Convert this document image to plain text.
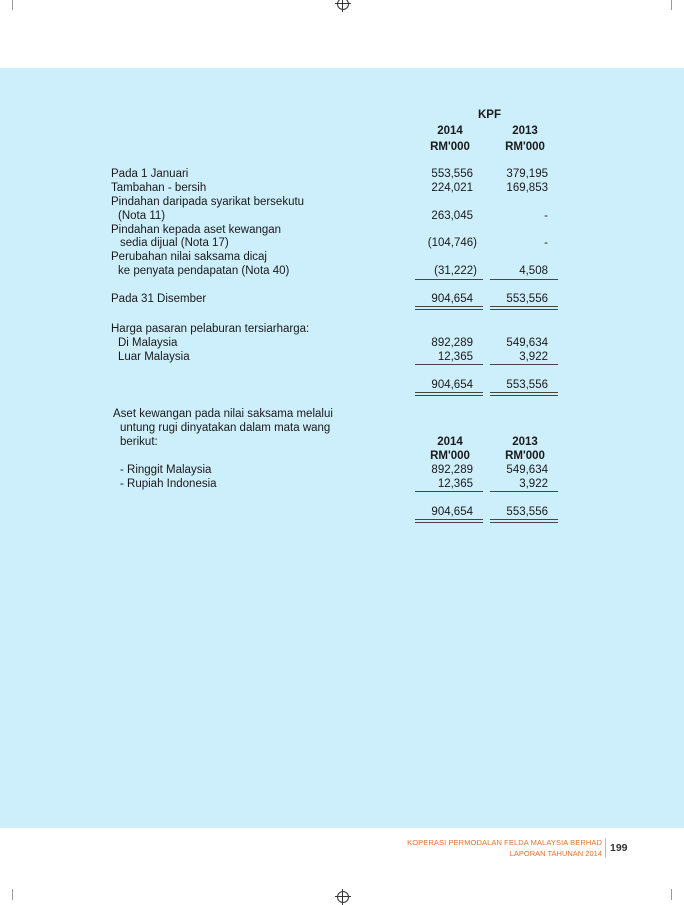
KPF
2014	2013
RM'000	RM'000
Pada 1 Januari	553,556	379,195
Tambahan - bersih	224,021	169,853
Pindahan daripada syarikat bersekutu
(Nota 11)	263,045	-
Pindahan kepada aset kewangan
sedia dijual (Nota 17)	(104,746)	-
Perubahan nilai saksama dicaj
ke penyata pendapatan (Nota 40)	(31,222)	4,508
Pada 31 Disember	904,654	553,556
Harga pasaran pelaburan tersiarharga:
Di Malaysia	892,289	549,634
Luar Malaysia	12,365	3,922
904,654	553,556
Aset kewangan pada nilai saksama melalui
untung rugi dinyatakan dalam mata wang
berikut:	2014	2013
RM'000	RM'000
- Ringgit Malaysia	892,289	549,634
- Rupiah Indonesia	12,365	3,922
904,654	553,556
KOPERASI PERMODALAN FELDA MALAYSIA BERHAD
LAPORAN TAHUNAN 2014 199
